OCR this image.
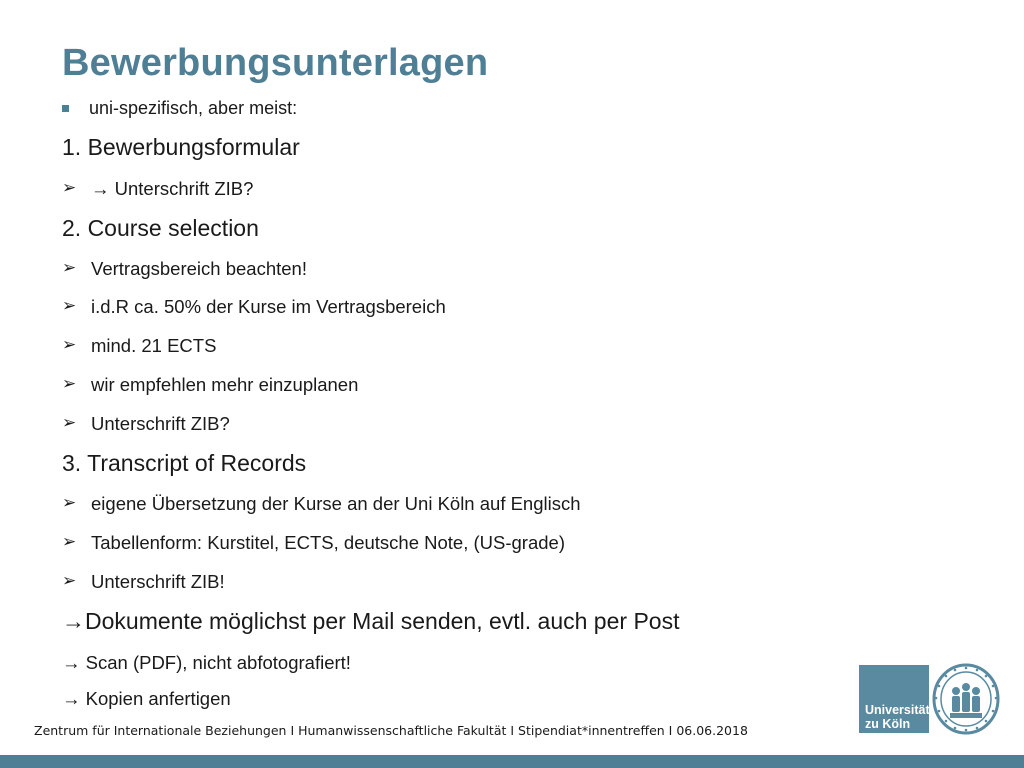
Bewerbungsunterlagen
uni-spezifisch, aber meist:
1. Bewerbungsformular
➢ → Unterschrift ZIB?
2. Course selection
➢ Vertragsbereich beachten!
➢ i.d.R ca. 50% der Kurse im Vertragsbereich
➢ mind. 21 ECTS
➢ wir empfehlen mehr einzuplanen
➢ Unterschrift ZIB?
3. Transcript of Records
➢ eigene Übersetzung der Kurse an der Uni Köln auf Englisch
➢ Tabellenform: Kurstitel, ECTS, deutsche Note, (US-grade)
➢ Unterschrift ZIB!
→Dokumente möglichst per Mail senden, evtl. auch per Post
→ Scan (PDF), nicht abfotografiert!
→ Kopien anfertigen
Universität
zu Köln
Zentrum für Internationale Beziehungen I Humanwissenschaftliche Fakultät I Stipendiat*innentreffen I 06.06.2018
